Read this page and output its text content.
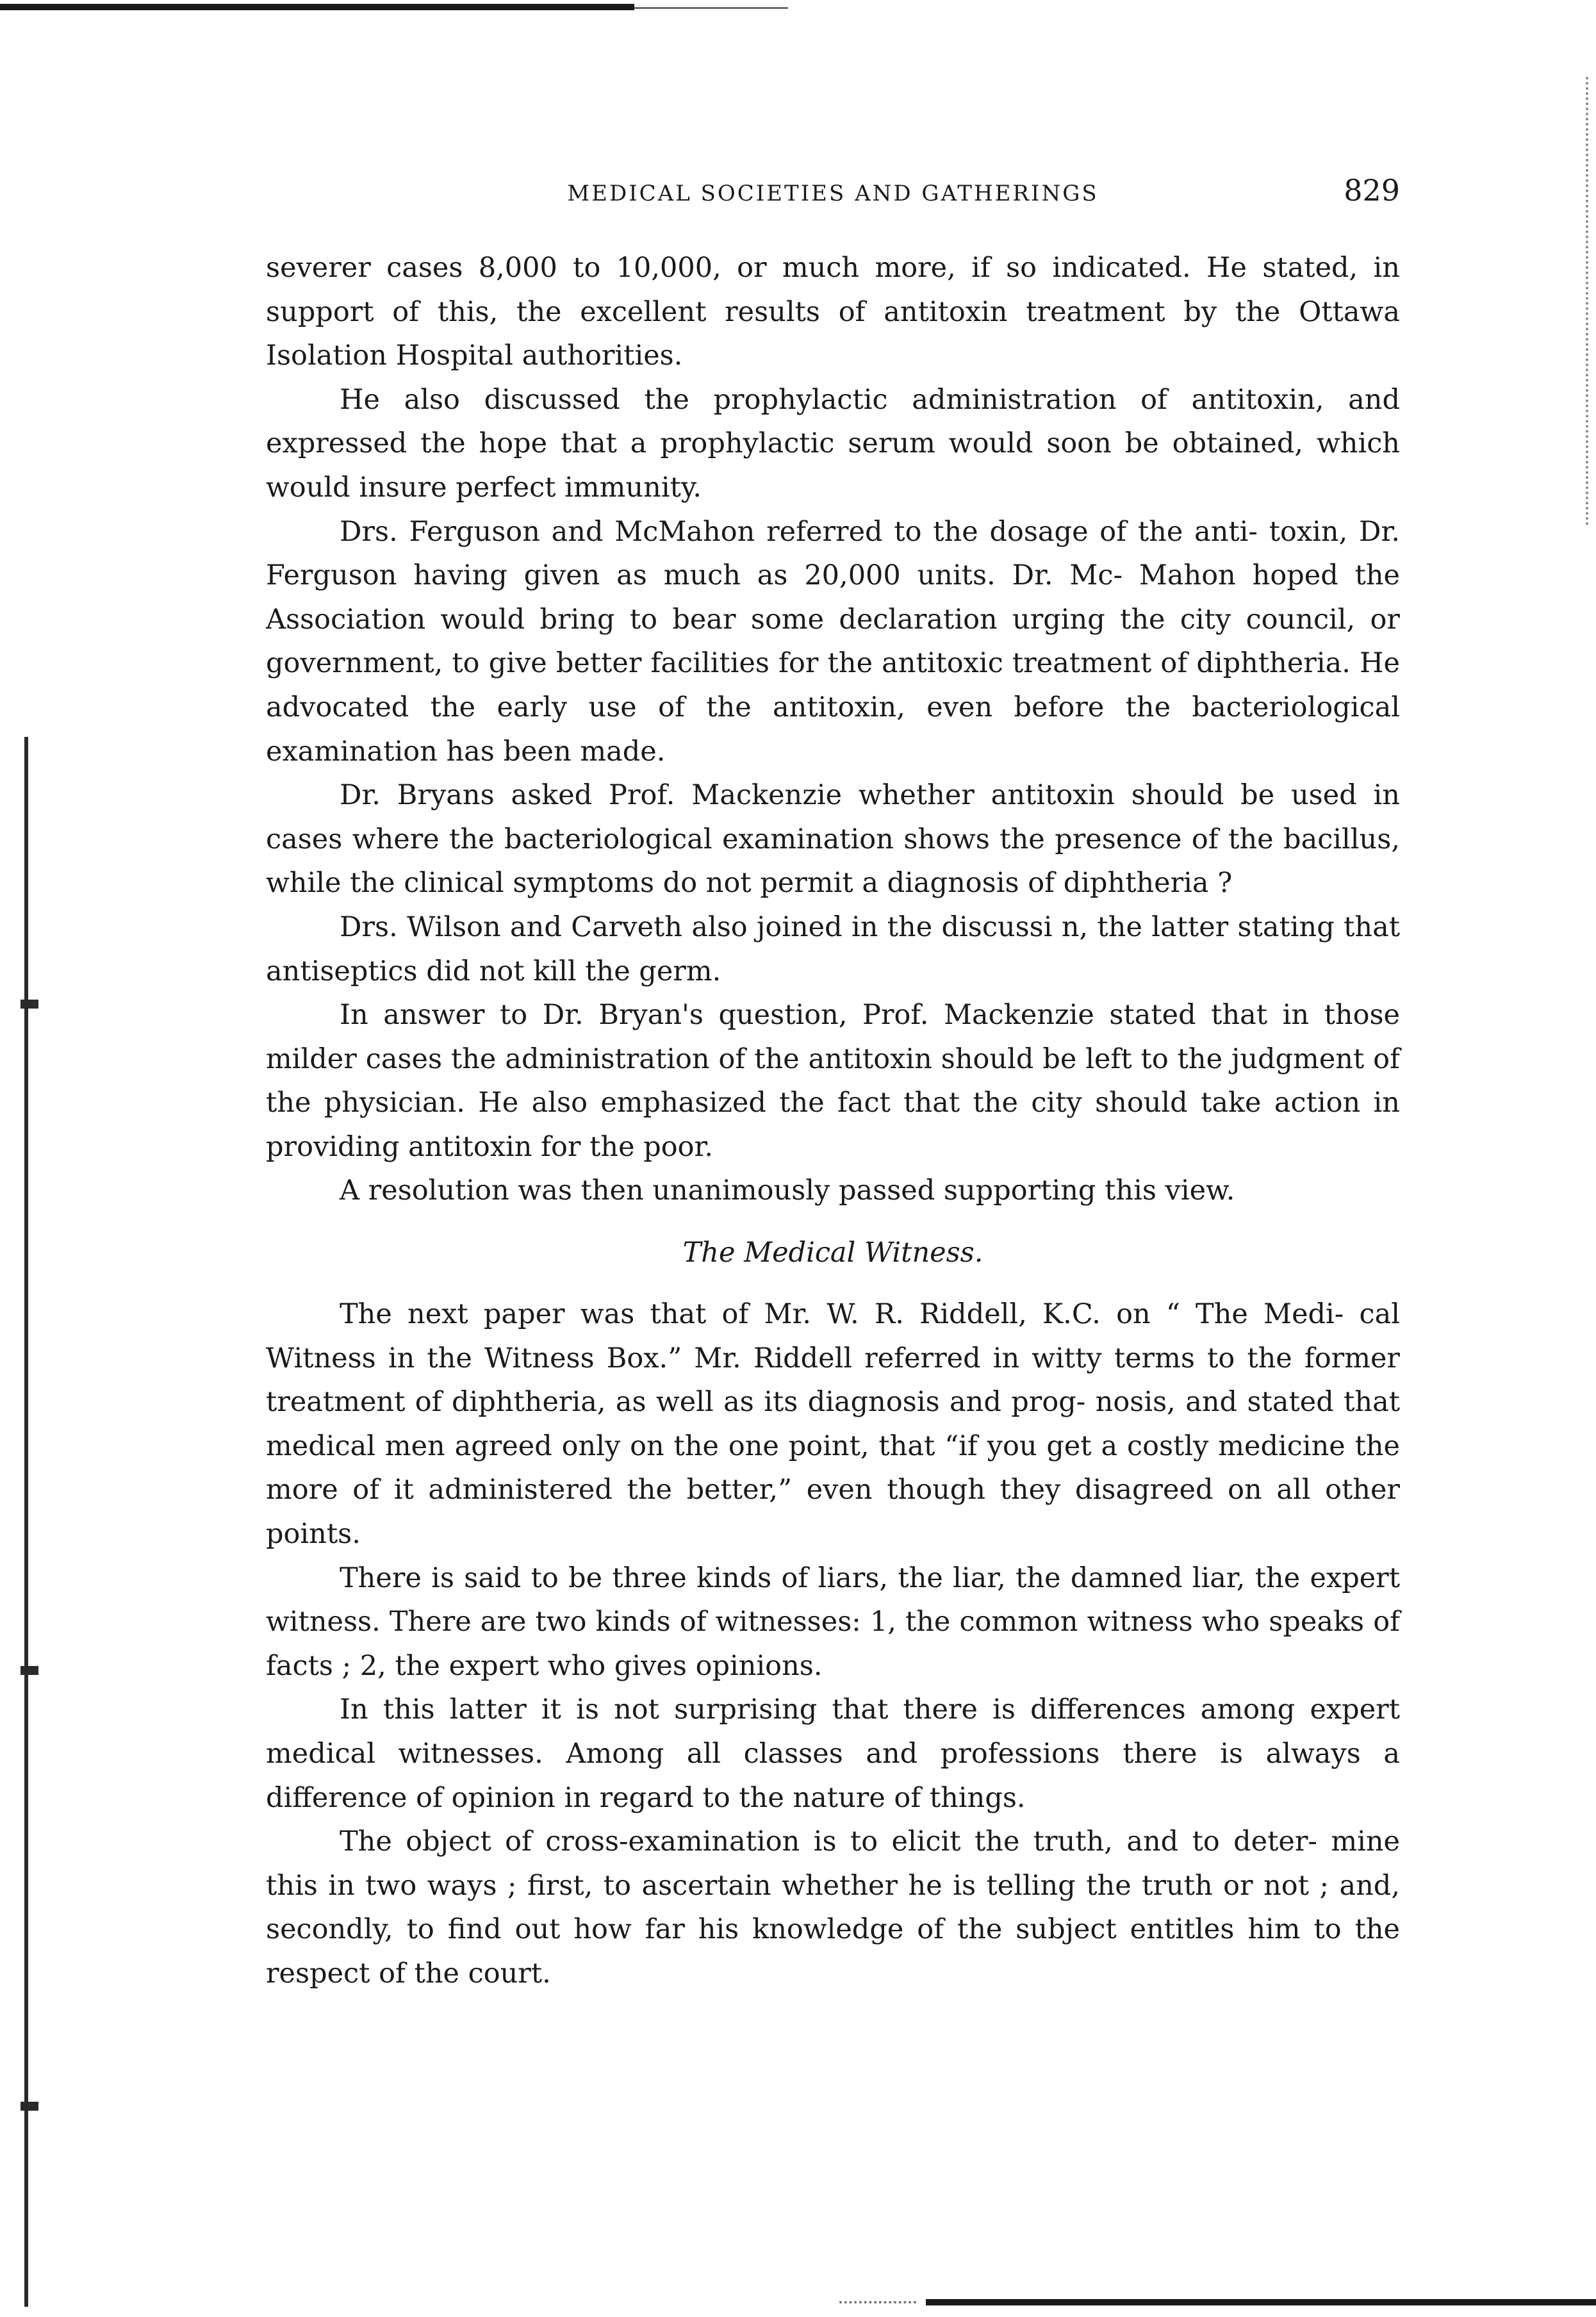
MEDICAL SOCIETIES AND GATHERINGS	829

severer cases 8,000 to 10,000, or much more, if so indicated. He stated, in support of this, the excellent results of antitoxin treatment by the Ottawa Isolation Hospital authorities.

He also discussed the prophylactic administration of antitoxin, and expressed the hope that a prophylactic serum would soon be obtained, which would insure perfect immunity.

Drs. Ferguson and McMahon referred to the dosage of the anti- toxin, Dr. Ferguson having given as much as 20,000 units. Dr. Mc- Mahon hoped the Association would bring to bear some declaration urging the city council, or government, to give better facilities for the antitoxic treatment of diphtheria. He advocated the early use of the antitoxin, even before the bacteriological examination has been made.

Dr. Bryans asked Prof. Mackenzie whether antitoxin should be used in cases where the bacteriological examination shows the presence of the bacillus, while the clinical symptoms do not permit a diagnosis of diphtheria ?

Drs. Wilson and Carveth also joined in the discussi n, the latter stating that antiseptics did not kill the germ.

In answer to Dr. Bryan's question, Prof. Mackenzie stated that in those milder cases the administration of the antitoxin should be left to the judgment of the physician. He also emphasized the fact that the city should take action in providing antitoxin for the poor.

A resolution was then unanimously passed supporting this view.

The Medical Witness.

The next paper was that of Mr. W. R. Riddell, K.C. on “ The Medi- cal Witness in the Witness Box.” Mr. Riddell referred in witty terms to the former treatment of diphtheria, as well as its diagnosis and prog- nosis, and stated that medical men agreed only on the one point, that “if you get a costly medicine the more of it administered the better,” even though they disagreed on all other points.

There is said to be three kinds of liars, the liar, the damned liar, the expert witness. There are two kinds of witnesses: 1, the common witness who speaks of facts ; 2, the expert who gives opinions.

In this latter it is not surprising that there is differences among expert medical witnesses. Among all classes and professions there is always a difference of opinion in regard to the nature of things.

The object of cross-examination is to elicit the truth, and to deter- mine this in two ways ; first, to ascertain whether he is telling the truth or not ; and, secondly, to find out how far his knowledge of the subject entitles him to the respect of the court.
